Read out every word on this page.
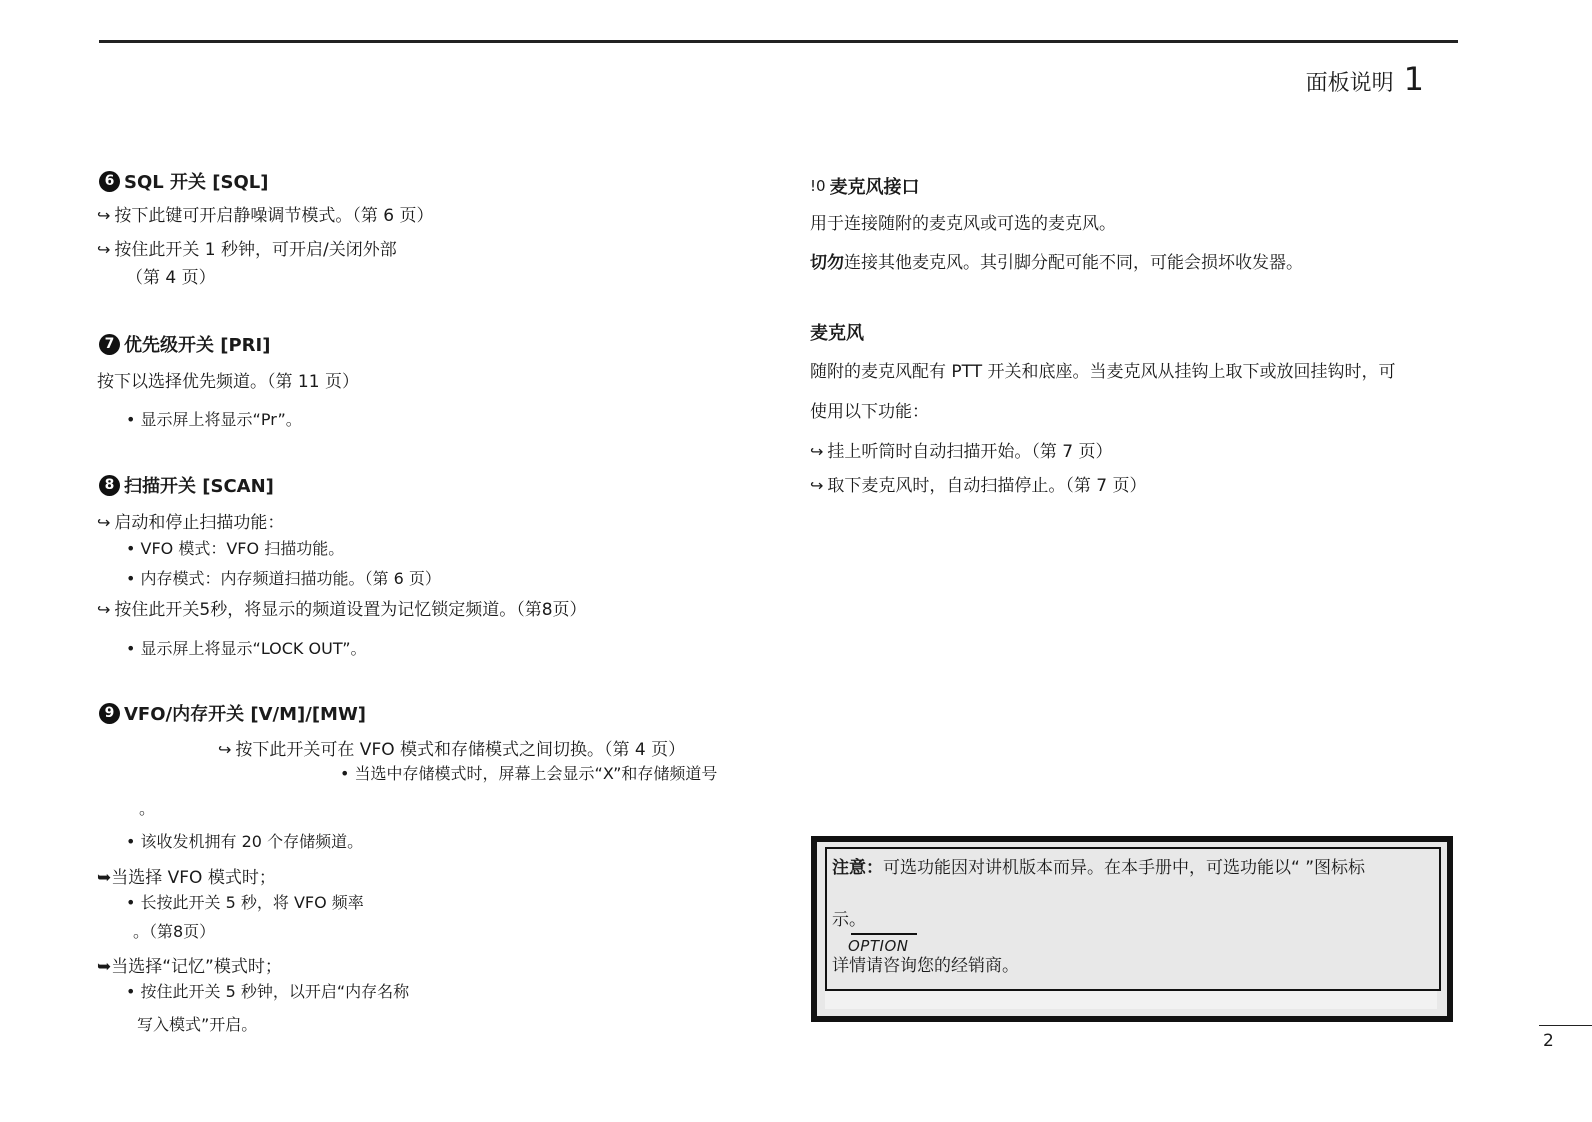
面板说明 1
6 SQL 开关 [SQL]
↪ 按下此键可开启静噪调节模式。（第 6 页）
↪ 按住此开关 1 秒钟，可开启/关闭外部
（第 4 页）
7 优先级开关 [PRI]
按下以选择优先频道。（第 11 页）
• 显示屏上将显示“Pr”。
8 扫描开关 [SCAN]
↪ 启动和停止扫描功能：
• VFO 模式：VFO 扫描功能。
• 内存模式：内存频道扫描功能。（第 6 页）
↪ 按住此开关5秒，将显示的频道设置为记忆锁定频道。（第8页）
• 显示屏上将显示“LOCK OUT”。
9 VFO/内存开关 [V/M]/[MW]
↪ 按下此开关可在 VFO 模式和存储模式之间切换。（第 4 页）
• 当选中存储模式时，屏幕上会显示“X”和存储频道号
。
• 该收发机拥有 20 个存储频道。
➥当选择 VFO 模式时；
• 长按此开关 5 秒，将 VFO 频率
。（第8页）
➥当选择“记忆”模式时；
• 按住此开关 5 秒钟，以开启“内存名称
写入模式”开启。
!0 麦克风接口
用于连接随附的麦克风或可选的麦克风。
切勿连接其他麦克风。其引脚分配可能不同，可能会损坏收发器。
麦克风
随附的麦克风配有 PTT 开关和底座。当麦克风从挂钩上取下或放回挂钩时，可
使用以下功能：
↪ 挂上听筒时自动扫描开始。（第 7 页）
↪ 取下麦克风时，自动扫描停止。（第 7 页）
注意：可选功能因对讲机版本而异。在本手册中，可选功能以“ ”图标标
示。
OPTION
详情请咨询您的经销商。
2
